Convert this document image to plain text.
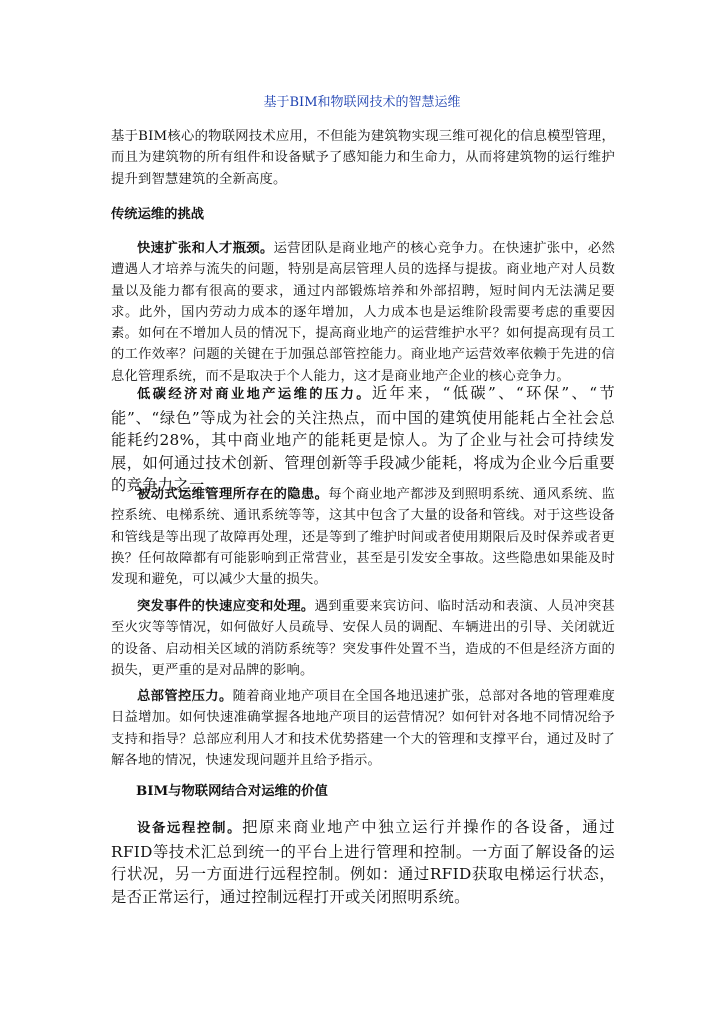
基于BIM和物联网技术的智慧运维

基于BIM核心的物联网技术应用，不但能为建筑物实现三维可视化的信息模型管理，而且为建筑物的所有组件和设备赋予了感知能力和生命力，从而将建筑物的运行维护提升到智慧建筑的全新高度。

传统运维的挑战

快速扩张和人才瓶颈。运营团队是商业地产的核心竞争力。在快速扩张中，必然遭遇人才培养与流失的问题，特别是高层管理人员的选择与提拔。商业地产对人员数量以及能力都有很高的要求，通过内部锻炼培养和外部招聘，短时间内无法满足要求。此外，国内劳动力成本的逐年增加，人力成本也是运维阶段需要考虑的重要因素。如何在不增加人员的情况下，提高商业地产的运营维护水平？如何提高现有员工的工作效率？问题的关键在于加强总部管控能力。商业地产运营效率依赖于先进的信息化管理系统，而不是取决于个人能力，这才是商业地产企业的核心竞争力。

低碳经济对商业地产运维的压力。近年来，“低碳”、“环保”、“节能”、“绿色”等成为社会的关注热点，而中国的建筑使用能耗占全社会总能耗约28%，其中商业地产的能耗更是惊人。为了企业与社会可持续发展，如何通过技术创新、管理创新等手段减少能耗，将成为企业今后重要的竞争力之一。

被动式运维管理所存在的隐患。每个商业地产都涉及到照明系统、通风系统、监控系统、电梯系统、通讯系统等等，这其中包含了大量的设备和管线。对于这些设备和管线是等出现了故障再处理，还是等到了维护时间或者使用期限后及时保养或者更换？任何故障都有可能影响到正常营业，甚至是引发安全事故。这些隐患如果能及时发现和避免，可以减少大量的损失。

突发事件的快速应变和处理。遇到重要来宾访问、临时活动和表演、人员冲突甚至火灾等等情况，如何做好人员疏导、安保人员的调配、车辆进出的引导、关闭就近的设备、启动相关区域的消防系统等？突发事件处置不当，造成的不但是经济方面的损失，更严重的是对品牌的影响。

总部管控压力。随着商业地产项目在全国各地迅速扩张，总部对各地的管理难度日益增加。如何快速准确掌握各地地产项目的运营情况？如何针对各地不同情况给予支持和指导？总部应利用人才和技术优势搭建一个大的管理和支撑平台，通过及时了解各地的情况，快速发现问题并且给予指示。

BIM与物联网结合对运维的价值

设备远程控制。把原来商业地产中独立运行并操作的各设备，通过RFID等技术汇总到统一的平台上进行管理和控制。一方面了解设备的运行状况，另一方面进行远程控制。例如：通过RFID获取电梯运行状态，是否正常运行，通过控制远程打开或关闭照明系统。
